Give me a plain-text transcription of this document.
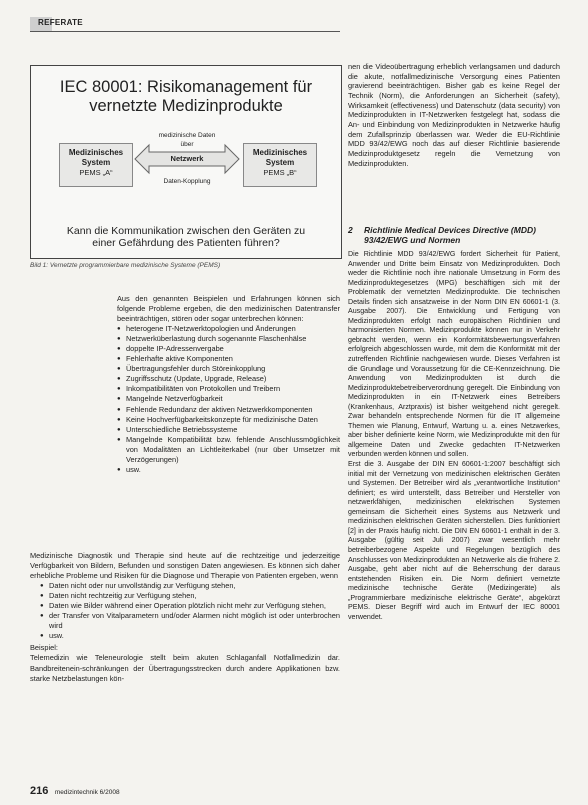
REFERATE
IEC 80001: Risikomanagement für
vernetzte Medizinprodukte
Medizinisches
System
PEMS „A“
Medizinisches
System
PEMS „B“
medizinische Daten
über
Netzwerk
Daten-Kopplung
Kann die Kommunikation zwischen den Geräten zu
einer Gefährdung des Patienten führen?
Bild 1: Vernetzte programmierbare medizinische Systeme (PEMS)

Aus den genannten Beispielen und Erfahrungen können sich folgende Probleme ergeben, die den medizinischen Datentransfer beeinträchtigen, stören oder sogar unterbrechen können:

● heterogene IT-Netzwerktopologien und Änderungen
● Netzwerküberlastung durch sogenannte Flaschenhälse
● doppelte IP-Adressenvergabe
● Fehlerhafte aktive Komponenten
● Übertragungsfehler durch Störeinkopplung
● Zugriffsschutz (Update, Upgrade, Release)
● Inkompatibilitäten von Protokollen und Treibern
● Mangelnde Netzverfügbarkeit
● Fehlende Redundanz der aktiven Netzwerkkomponenten
● Keine Hochverfügbarkeitskonzepte für medizinische Daten
● Unterschiedliche Betriebssysteme
● Mangelnde Kompatibilität bzw. fehlende Anschlussmöglichkeit von Modalitäten an Lichtleiterkabel (nur über Umsetzer mit Verzögerungen)
● usw.

Medizinische Diagnostik und Therapie sind heute auf die rechtzeitige und jederzeitige Verfügbarkeit von Bildern, Befunden und sonstigen Daten angewiesen. Es können sich daher erhebliche Probleme und Risiken für die Diagnose und Therapie von Patienten ergeben, wenn

● Daten nicht oder nur unvollständig zur Verfügung stehen,
● Daten nicht rechtzeitig zur Verfügung stehen,
● Daten wie Bilder während einer Operation plötzlich nicht mehr zur Verfügung stehen,
● der Transfer von Vitalparametern und/oder Alarmen nicht möglich ist oder unterbrochen wird
● usw.

Beispiel:

Telemedizin wie Teleneurologie stellt beim akuten Schlaganfall Notfallmedizin dar. Bandbreitenein-schränkungen der Übertragungsstrecken durch andere Applikationen bzw. starke Netzbelastungen kön-

nen die Videoübertragung erheblich verlangsamen und dadurch die akute, notfallmedizinische Versorgung eines Patienten gravierend beeinträchtigen. Bisher gab es keine Regel der Technik (Norm), die Anforderungen an Sicherheit (safety), Wirksamkeit (effectiveness) und Datenschutz (data security) von Medizinprodukten in IT-Netzwerken festgelegt hat, sodass die An- und Einbindung von Medizinprodukten in Netzwerke häufig dem Zufallsprinzip überlassen war. Weder die EU-Richtlinie MDD 93/42/EWG noch das auf dieser Richtlinie basierende Medizinproduktgesetz regeln die Vernetzung von Medizinprodukten.

2 Richtlinie Medical Devices Directive (MDD) 93/42/EWG und Normen

Die Richtlinie MDD 93/42/EWG fordert Sicherheit für Patient, Anwender und Dritte beim Einsatz von Medizinprodukten. Doch weder die Richtlinie noch ihre nationale Umsetzung in Form des Medizinproduktegesetzes (MPG) beschäftigen sich mit der Problematik der vernetzten Medizinprodukte. Die technischen Details finden sich ansatzweise in der Norm DIN EN 60601-1 (3. Ausgabe 2007). Die Entwicklung und Fertigung von Medizinprodukten erfolgt nach europäischen Richtlinien und harmonisierten Normen. Medizinprodukte können nur in Verkehr gebracht werden, wenn ein Konformitätsbewertungsverfahren erfolgreich abgeschlossen wurde, mit dem die Konformität mit der zutreffenden Richtlinie nachgewiesen wurde. Dieses Verfahren ist die Grundlage und Voraussetzung für die CE-Kennzeichnung. Die Anwendung von Medizinprodukten ist durch die Medizinproduktebetreiberverordnung geregelt. Die Einbindung von Medizinprodukten in ein IT-Netzwerk eines Betreibers (Krankenhaus, Arztpraxis) ist bisher weitgehend nicht geregelt. Zwar behandeln entsprechende Normen für die IT allgemeine Themen wie Planung, Entwurf, Wartung u. a. eines Netzwerkes, aber bisher definierte keine Norm, wie Medizinprodukte mit den für allgemeine Daten und Zwecke gedachten IT-Netzwerken verbunden werden können und sollen.

Erst die 3. Ausgabe der DIN EN 60601-1:2007 beschäftigt sich initial mit der Vernetzung von medizinischen elektrischen Geräten und Systemen. Der Betreiber wird als „verantwortliche Institution“ definiert; es wird unterstellt, dass Betreiber und Hersteller von netzwerkfähigen, medizinischen elektrischen Systemen gemeinsam die Sicherheit eines Systems aus Netzwerk und medizinischen elektrischen Geräten sicherstellen. Dies funktioniert [2] in der Praxis häufig nicht. Die DIN EN 60601-1 enthält in der 3. Ausgabe (gültig seit Juli 2007) zwar wesentlich mehr betreiberbezogene Aspekte und Regelungen bezüglich des Anschlusses von Medizinprodukten an Netzwerke als die frühere 2. Ausgabe, geht aber nicht auf die Beherrschung der daraus entstehenden Risiken ein. Die Norm definiert vernetzte medizinische technische Geräte (Medizingeräte) als „Programmierbare medizinische elektrische Geräte“, abgekürzt PEMS. Dieser Begriff wird auch im Entwurf der IEC 80001 verwendet.

216 medizintechnik 6/2008
